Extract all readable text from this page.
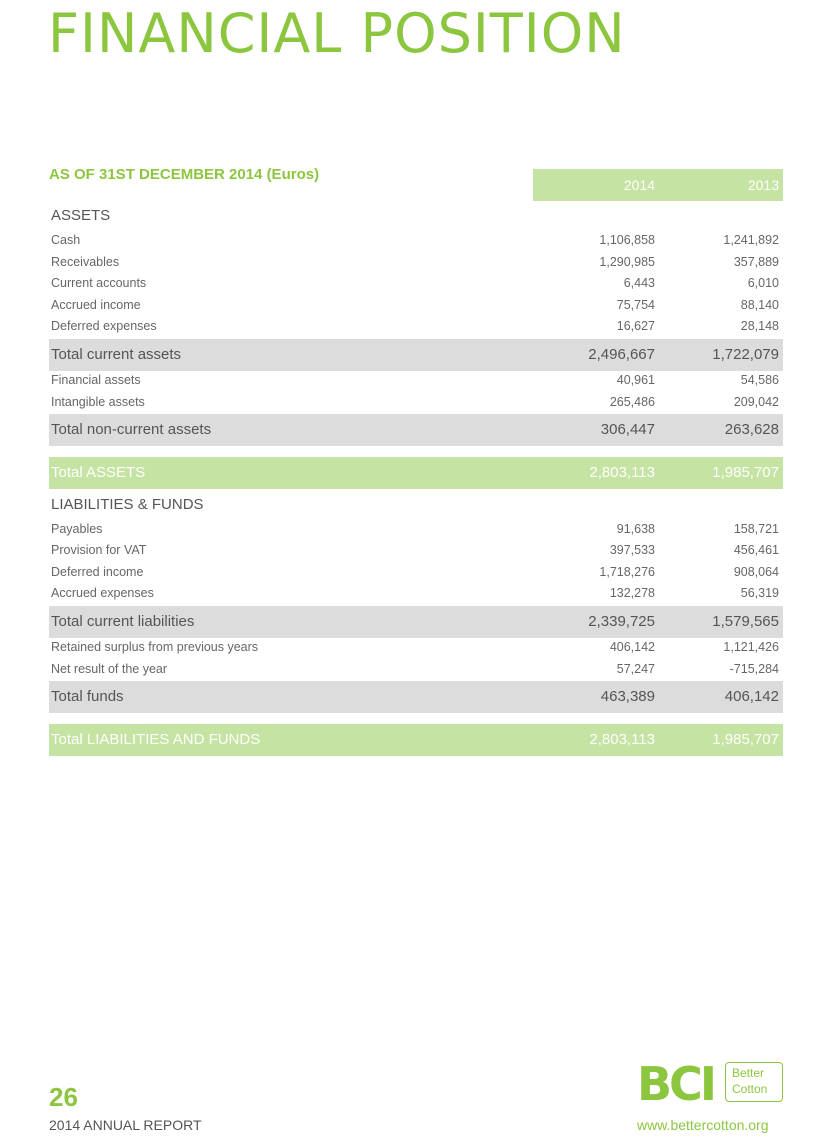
FINANCIAL POSITION
AS OF 31ST DECEMBER 2014 (Euros)
2014	2013
ASSETS
Cash	1,106,858	1,241,892
Receivables	1,290,985	357,889
Current accounts	6,443	6,010
Accrued income	75,754	88,140
Deferred expenses	16,627	28,148
Total current assets	2,496,667	1,722,079
Financial assets	40,961	54,586
Intangible assets	265,486	209,042
Total non-current assets	306,447	263,628
Total ASSETS	2,803,113	1,985,707
LIABILITIES & FUNDS
Payables	91,638	158,721
Provision for VAT	397,533	456,461
Deferred income	1,718,276	908,064
Accrued expenses	132,278	56,319
Total current liabilities	2,339,725	1,579,565
Retained surplus from previous years	406,142	1,121,426
Net result of the year	57,247	-715,284
Total funds	463,389	406,142
Total LIABILITIES AND FUNDS	2,803,113	1,985,707
26
2014 ANNUAL REPORT
BCI Better
Cotton
www.bettercotton.org
